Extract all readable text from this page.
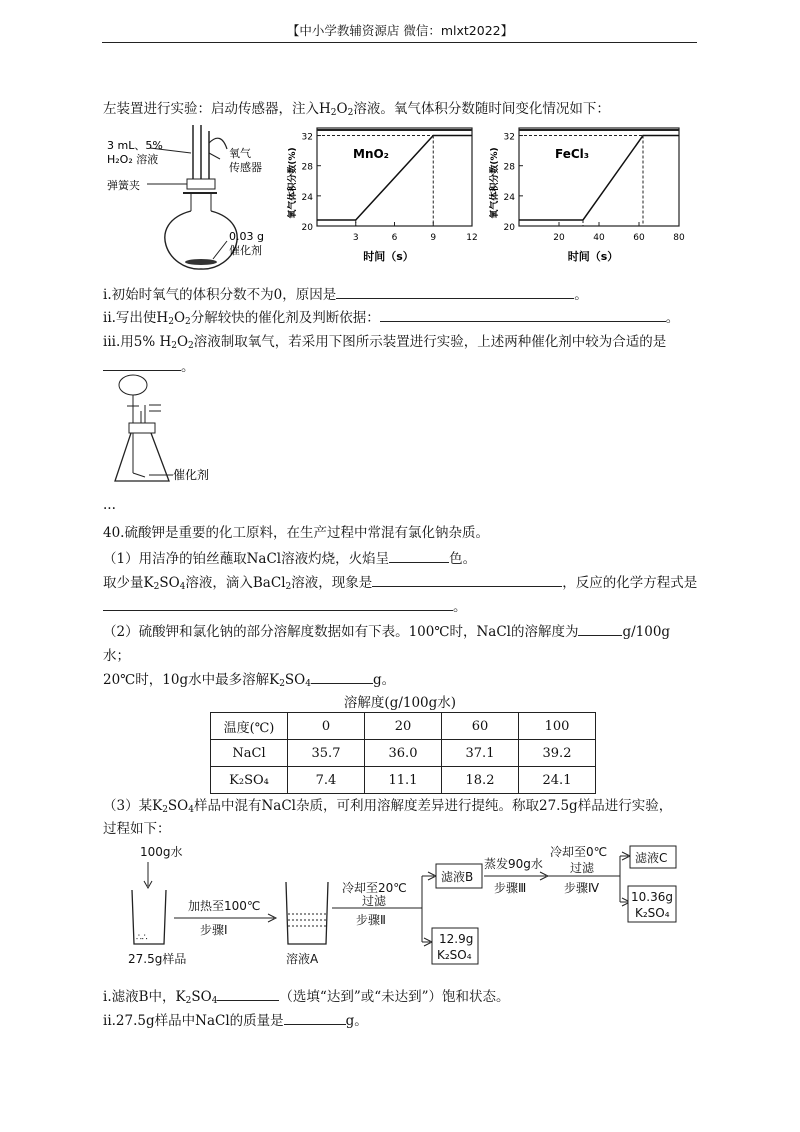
【中小学教辅资源店 微信：mlxt2022】
左装置进行实验：启动传感器，注入$H_2O_2$溶液。氧气体积分数随时间变化情况如下：
3 mL、5%
H₂O₂ 溶液	氧气
传感器
弹簧夹
0.03 g
催化剂
20
24
28
32
3	6	9	12
MnO₂
时间（s）
氧气体积分数(%)
20
24
28
32
20	40	60	80
FeCl₃
时间（s）
氧气体积分数(%)
i.初始时氧气的体积分数不为0，原因是	。
ii.写出使$H_2O_2$分解较快的催化剂及判断依据：	。
iii.用5% $H_2O_2$溶液制取氧气，若采用下图所示装置进行实验，上述两种催化剂中较为合适的是
。
催化剂
...
40.硫酸钾是重要的化工原料，在生产过程中常混有氯化钠杂质。
（1）用洁净的铂丝蘸取NaCl溶液灼烧，火焰呈	色。
取少量$K_2SO_4$溶液，滴入BaCl$_2$溶液，现象是	，反应的化学方程式是
。
（2）硫酸钾和氯化钠的部分溶解度数据如有下表。100℃时，NaCl的溶解度为	g/100g
水；
20℃时，10g水中最多溶解$K_2SO_4$	g。
溶解度(g/100g水)
温度(℃)	0	20	60	100
NaCl	35.7	36.0	37.1	39.2
K₂SO₄	7.4	11.1	18.2	24.1
（3）某$K_2SO_4$样品中混有NaCl杂质，可利用溶解度差异进行提纯。称取27.5g样品进行实验，
过程如下：
100g水
∴∴
27.5g样品
加热至100℃
步骤Ⅰ
溶液A
冷却至20℃
过滤
步骤Ⅱ
滤液B
12.9g
K₂SO₄
蒸发90g水
步骤Ⅲ
冷却至0℃
过滤
步骤Ⅳ
滤液C
10.36g
K₂SO₄
i.滤液B中，$K_2SO_4$	（选填“达到”或“未达到”）饱和状态。
ii.27.5g样品中NaCl的质量是	g。
